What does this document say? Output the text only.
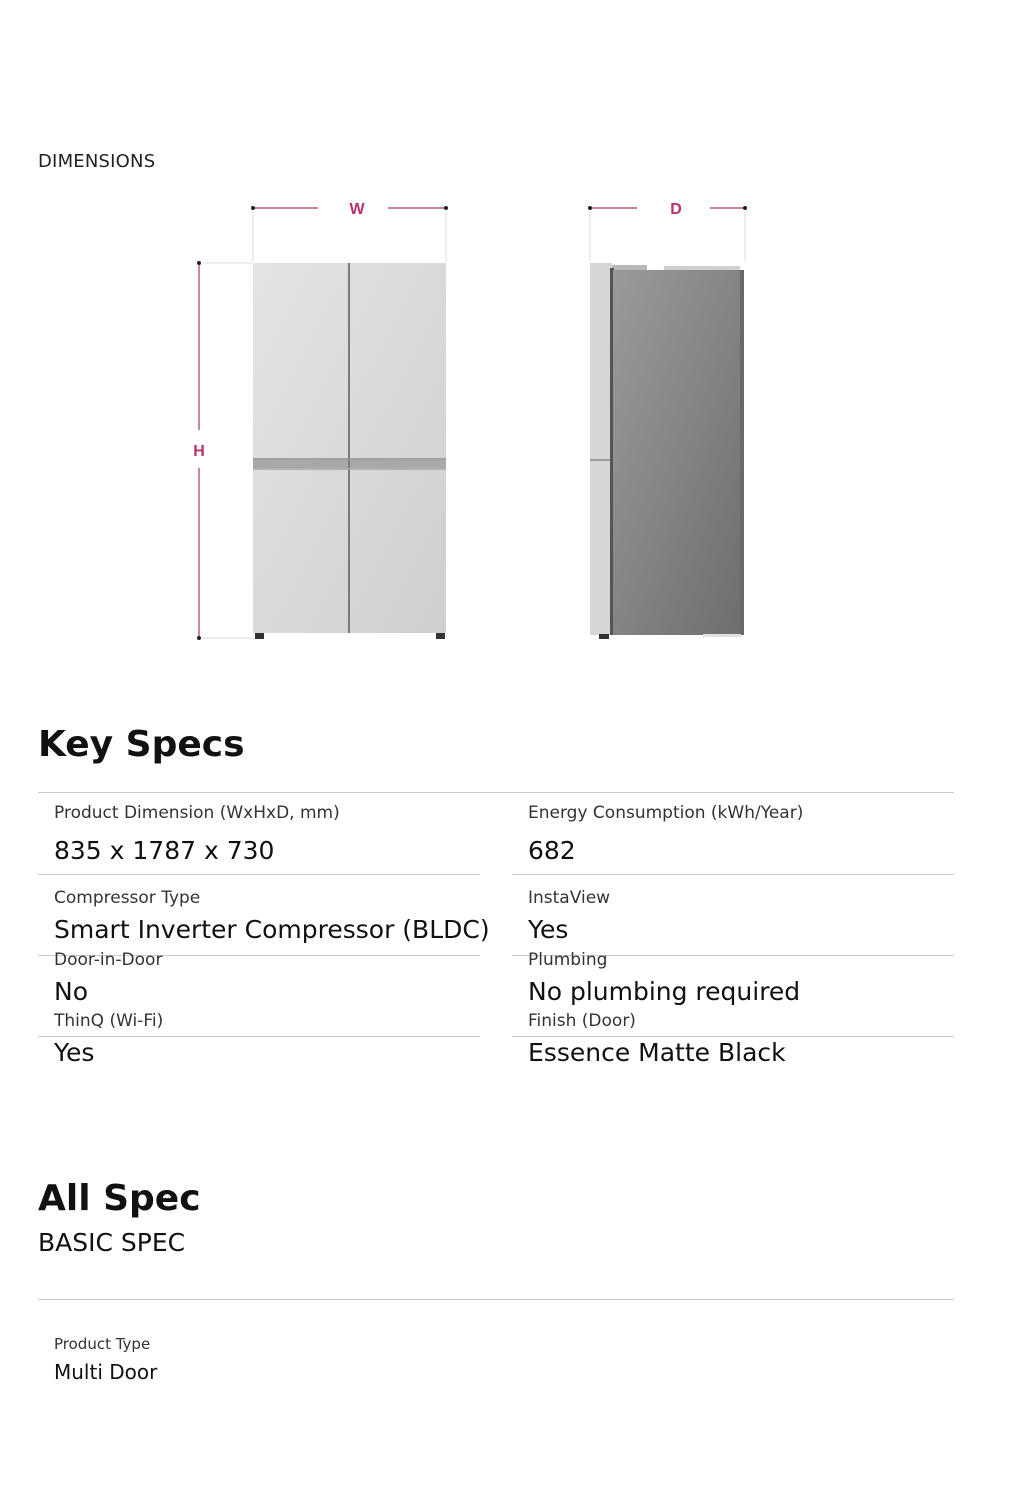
DIMENSIONS
W
H
D
Key Specs
Product Dimension (WxHxD, mm)
835 x 1787 x 730
Energy Consumption (kWh/Year)
682
Compressor Type
Smart Inverter Compressor (BLDC)
InstaView
Yes
Door-in-Door
No
Plumbing
No plumbing required
ThinQ (Wi-Fi)
Yes
Finish (Door)
Essence Matte Black
All Spec
BASIC SPEC
Product Type
Multi Door
